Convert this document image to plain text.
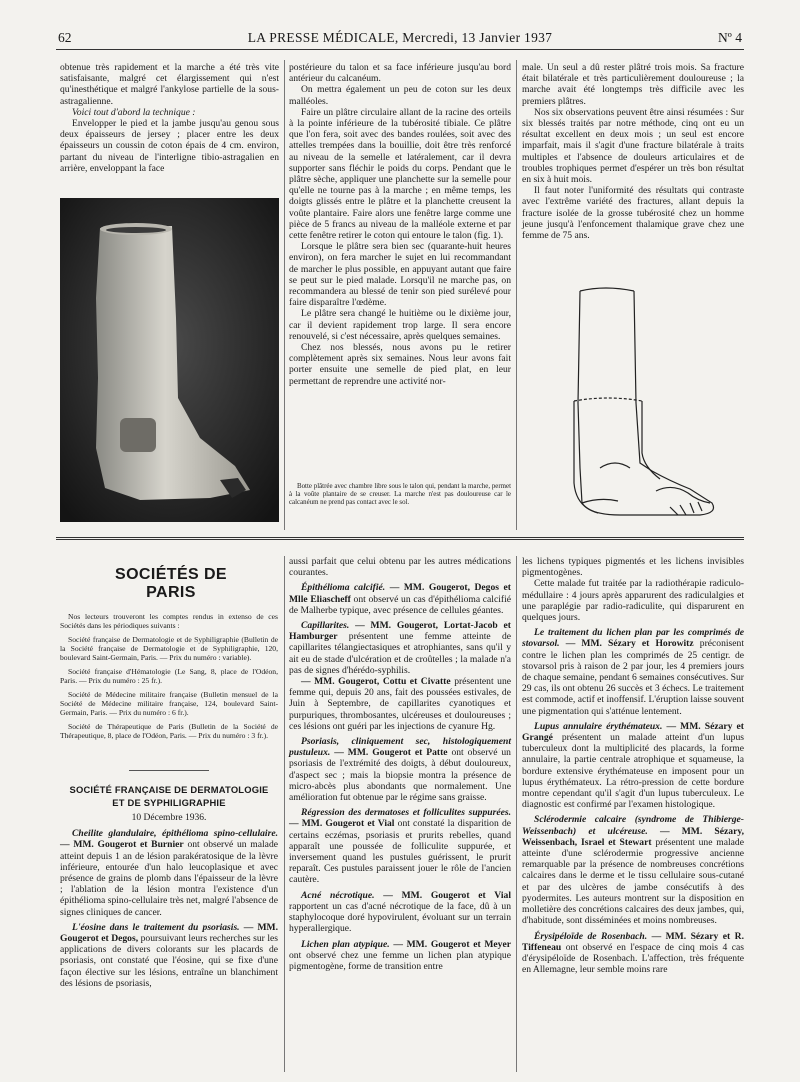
62	LA PRESSE MÉDICALE, Mercredi, 13 Janvier 1937	Nº 4

obtenue très rapidement et la marche a été très vite satisfaisante, malgré cet élargissement qui n'est qu'inesthétique et malgré l'ankylose partielle de la sous-astragalienne.

Voici tout d'abord la technique :

Envelopper le pied et la jambe jusqu'au genou sous deux épaisseurs de jersey ; placer entre les deux épaisseurs un coussin de coton épais de 4 cm. environ, partant du niveau de l'interligne tibio-astragalien en arrière, enveloppant la face

postérieure du talon et sa face inférieure jusqu'au bord antérieur du calcanéum.

On mettra également un peu de coton sur les deux malléoles.

Faire un plâtre circulaire allant de la racine des orteils à la pointe inférieure de la tubérosité tibiale. Ce plâtre que l'on fera, soit avec des bandes roulées, soit avec des attelles trempées dans la bouillie, doit être très renforcé au niveau de la semelle et latéralement, car il devra supporter sans fléchir le poids du corps. Pendant que le plâtre sèche, appliquer une planchette sur la semelle pour qu'elle ne tourne pas à la marche ; en même temps, les doigts glissés entre le plâtre et la planchette creusent la voûte plantaire. Faire alors une fenêtre large comme une pièce de 5 francs au niveau de la malléole externe et par cette fenêtre retirer le coton qui entoure le talon (fig. 1).

Lorsque le plâtre sera bien sec (quarante-huit heures environ), on fera marcher le sujet en lui recommandant de marcher le plus possible, en appuyant autant que faire se peut sur le pied malade. Lorsqu'il ne marche pas, on recommandera au blessé de tenir son pied surélevé pour faire disparaître l'œdème.

Le plâtre sera changé le huitième ou le dixième jour, car il devient rapidement trop large. Il sera encore renouvelé, si c'est nécessaire, après quelques semaines.

Chez nos blessés, nous avons pu le retirer complètement après six semaines. Nous leur avons fait porter ensuite une semelle de pied plat, en leur permettant de reprendre une activité nor-

Botte plâtrée avec chambre libre sous le talon qui, pendant la marche, permet à la voûte plantaire de se creuser. La marche n'est pas douloureuse car le calcanéum ne prend pas contact avec le sol.

male. Un seul a dû rester plâtré trois mois. Sa fracture était bilatérale et très particulièrement douloureuse ; la marche avait été longtemps très difficile avec les premiers plâtres.

Nos six observations peuvent être ainsi résumées : Sur six blessés traités par notre méthode, cinq ont eu un résultat excellent en deux mois ; un seul est encore imparfait, mais il s'agit d'une fracture bilatérale à traits multiples et l'absence de douleurs articulaires et de troubles trophiques permet d'espérer un très bon résultat en six à huit mois.

Il faut noter l'uniformité des résultats qui contraste avec l'extrême variété des fractures, allant depuis la fracture isolée de la grosse tubérosité chez un homme jeune jusqu'à l'enfoncement thalamique grave chez une femme de 75 ans.

SOCIÉTÉS DE PARIS

Nos lecteurs trouveront les comptes rendus in extenso de ces Sociétés dans les périodiques suivants :

Société française de Dermatologie et de Syphiligraphie (Bulletin de la Société française de Dermatologie et de Syphiligraphie, 120, boulevard Saint-Germain, Paris. — Prix du numéro : variable).

Société française d'Hématologie (Le Sang, 8, place de l'Odéon, Paris. — Prix du numéro : 25 fr.).

Société de Médecine militaire française (Bulletin mensuel de la Société de Médecine militaire française, 124, boulevard Saint-Germain, Paris. — Prix du numéro : 6 fr.).

Société de Thérapeutique de Paris (Bulletin de la Société de Thérapeutique, 8, place de l'Odéon, Paris. — Prix du numéro : 3 fr.).

SOCIÉTÉ FRANÇAISE DE DERMATOLOGIE
ET DE SYPHILIGRAPHIE
10 Décembre 1936.

Cheilite glandulaire, épithélioma spino-cellulaire. — MM. Gougerot et Burnier ont observé un malade atteint depuis 1 an de lésion parakératosique de la lèvre inférieure, entourée d'un halo leucoplasique et avec présence de grains de plomb dans l'épaisseur de la lèvre ; l'ablation de la lésion montra l'existence d'un épithélioma spino-cellulaire très net, malgré l'absence de signes cliniques de cancer.

L'éosine dans le traitement du psoriasis. — MM. Gougerot et Degos, poursuivant leurs recherches sur les applications de divers colorants sur les placards de psoriasis, ont constaté que l'éosine, qui se fixe d'une façon élective sur les lésions, entraîne un blanchiment des lésions de psoriasis,

aussi parfait que celui obtenu par les autres médications courantes.

Épithélioma calcifié. — MM. Gougerot, Degos et Mlle Eliascheff ont observé un cas d'épithélioma calcifié de Malherbe typique, avec présence de cellules géantes.

Capillarites. — MM. Gougerot, Lortat-Jacob et Hamburger présentent une femme atteinte de capillarites télangiectasiques et atrophiantes, sans qu'il y ait eu de stade d'ulcération et de croûtelles ; la malade n'a pas de signes d'hérédo-syphilis.

— MM. Gougerot, Cottu et Civatte présentent une femme qui, depuis 20 ans, fait des poussées estivales, de Juin à Septembre, de capillarites cyanotiques et purpuriques, thrombosantes, ulcéreuses et douloureuses ; ces lésions ont guéri par les injections de cyanure Hg.

Psoriasis, cliniquement sec, histologiquement pustuleux. — MM. Gougerot et Patte ont observé un psoriasis de l'extrémité des doigts, à début douloureux, d'aspect sec ; mais la biopsie montra la présence de micro-abcès plus abondants que normalement. Une amélioration fut obtenue par le régime sans graisse.

Régression des dermatoses et folliculites suppurées. — MM. Gougerot et Vial ont constaté la disparition de certains eczémas, psoriasis et prurits rebelles, quand apparaît une poussée de folliculite suppurée, et inversement quand les pustules guérissent, le prurit reparaît. Ces pustules paraissent jouer le rôle de l'ancien cautère.

Acné nécrotique. — MM. Gougerot et Vial rapportent un cas d'acné nécrotique de la face, dû à un staphylocoque doré hypovirulent, évoluant sur un terrain hyperallergique.

Lichen plan atypique. — MM. Gougerot et Meyer ont observé chez une femme un lichen plan atypique pigmentogène, forme de transition entre

les lichens typiques pigmentés et les lichens invisibles pigmentogènes.

Cette malade fut traitée par la radiothérapie radiculo-médullaire : 4 jours après apparurent des radiculalgies et une paraplégie par radio-radiculite, qui disparurent en quelques jours.

Le traitement du lichen plan par les comprimés de stovarsol. — MM. Sézary et Horowitz préconisent contre le lichen plan les comprimés de 25 centigr. de stovarsol pris à raison de 2 par jour, les 4 premiers jours de chaque semaine, pendant 6 semaines consécutives. Sur 29 cas, ils ont obtenu 26 succès et 3 échecs. Le traitement est commode, actif et inoffensif. L'éruption laisse souvent une pigmentation qui s'atténue lentement.

Lupus annulaire érythémateux. — MM. Sézary et Grangé présentent un malade atteint d'un lupus tuberculeux dont la multiplicité des placards, la forme annulaire, la partie centrale atrophique et squameuse, la bordure extensive érythémateuse en imposent pour un lupus érythémateux. La rétro-pression de cette bordure montre cependant qu'il s'agit d'un lupus tuberculeux. Le diagnostic est confirmé par l'examen histologique.

Sclérodermie calcaire (syndrome de Thibierge-Weissenbach) et ulcéreuse. — MM. Sézary, Weissenbach, Israel et Stewart présentent une malade atteinte d'une sclérodermie progressive ancienne remarquable par la présence de nombreuses concrétions calcaires dans le derme et le tissu cellulaire sous-cutané et par des ulcères de jambe consécutifs à des pyodermites. Les auteurs montrent sur la disposition en molletière des concrétions calcaires des deux jambes, qui, d'habitude, sont disséminées et moins nombreuses.

Érysipéloïde de Rosenbach. — MM. Sézary et R. Tiffeneau ont observé en l'espace de cinq mois 4 cas d'érysipéloïde de Rosenbach. L'affection, très fréquente en Allemagne, leur semble moins rare
